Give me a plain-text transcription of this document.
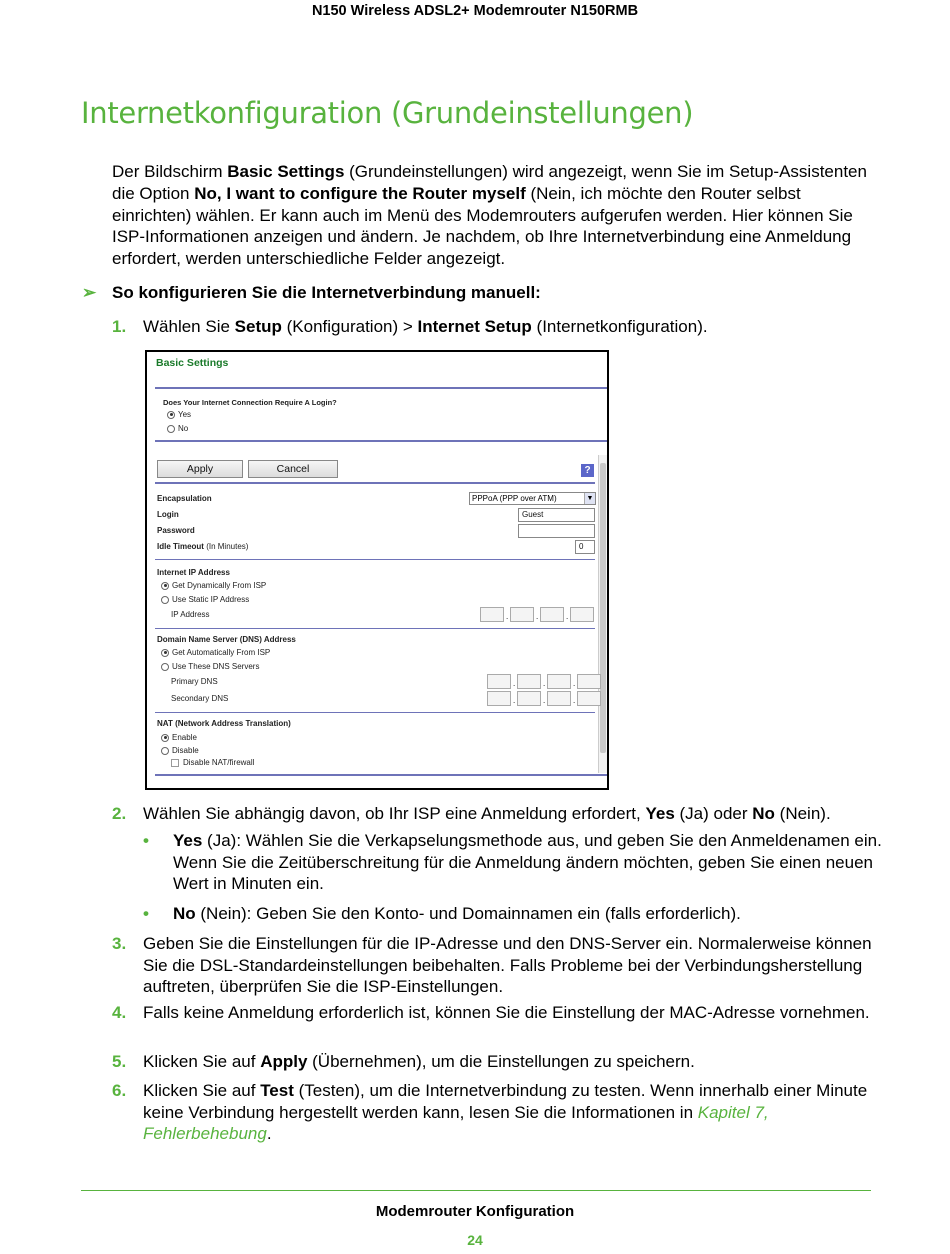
N150 Wireless ADSL2+ Modemrouter N150RMB
Internetkonfiguration (Grundeinstellungen)

Der Bildschirm Basic Settings (Grundeinstellungen) wird angezeigt, wenn Sie im Setup-Assistenten die Option No, I want to configure the Router myself (Nein, ich möchte den Router selbst einrichten) wählen. Er kann auch im Menü des Modemrouters aufgerufen werden. Hier können Sie ISP-Informationen anzeigen und ändern. Je nachdem, ob Ihre Internetverbindung eine Anmeldung erfordert, werden unterschiedliche Felder angezeigt.

➢ So konfigurieren Sie die Internetverbindung manuell:
1. Wählen Sie Setup (Konfiguration) > Internet Setup (Internetkonfiguration).
Basic Settings
Does Your Internet Connection Require A Login?
Yes
No
Apply	Cancel	?
Encapsulation	PPPoA (PPP over ATM)	▼
Login	Guest
Password
Idle Timeout (In Minutes)	0
Internet IP Address
Get Dynamically From ISP
Use Static IP Address
IP Address	.	.	.
Domain Name Server (DNS) Address
Get Automatically From ISP
Use These DNS Servers
Primary DNS	.	.	.
Secondary DNS	.	.	.
NAT (Network Address Translation)
Enable
Disable
Disable NAT/firewall
2. Wählen Sie abhängig davon, ob Ihr ISP eine Anmeldung erfordert, Yes (Ja) oder No (Nein).
• Yes (Ja): Wählen Sie die Verkapselungsmethode aus, und geben Sie den Anmeldenamen ein. Wenn Sie die Zeitüberschreitung für die Anmeldung ändern möchten, geben Sie einen neuen Wert in Minuten ein.
• No (Nein): Geben Sie den Konto- und Domainnamen ein (falls erforderlich).
3. Geben Sie die Einstellungen für die IP-Adresse und den DNS-Server ein. Normalerweise können Sie die DSL-Standardeinstellungen beibehalten. Falls Probleme bei der Verbindungsherstellung auftreten, überprüfen Sie die ISP-Einstellungen.
4. Falls keine Anmeldung erforderlich ist, können Sie die Einstellung der MAC-Adresse vornehmen.
5. Klicken Sie auf Apply (Übernehmen), um die Einstellungen zu speichern.
6. Klicken Sie auf Test (Testen), um die Internetverbindung zu testen. Wenn innerhalb einer Minute keine Verbindung hergestellt werden kann, lesen Sie die Informationen in Kapitel 7, Fehlerbehebung.
Modemrouter Konfiguration
24
